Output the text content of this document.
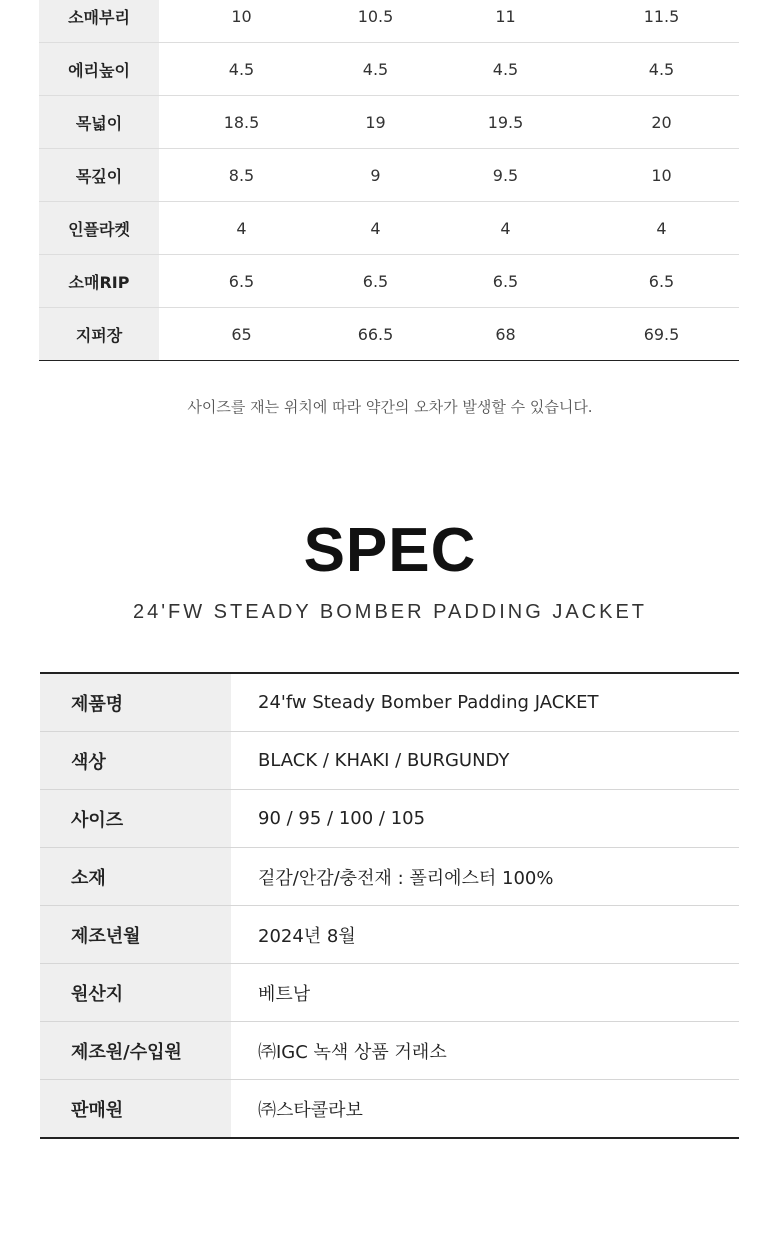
소매부리	10	10.5	11	11.5
에리높이	4.5	4.5	4.5	4.5
목넓이	18.5	19	19.5	20
목깊이	8.5	9	9.5	10
인플라켓	4	4	4	4
소매RIP	6.5	6.5	6.5	6.5
지퍼장	65	66.5	68	69.5
사이즈를 재는 위치에 따라 약간의 오차가 발생할 수 있습니다.
SPEC
24'FW STEADY BOMBER PADDING JACKET
제품명	24'fw Steady Bomber Padding JACKET
색상	BLACK / KHAKI / BURGUNDY
사이즈	90 / 95 / 100 / 105
소재	겉감/안감/충전재 : 폴리에스터 100%
제조년월	2024년 8월
원산지	베트남
제조원/수입원	㈜IGC 녹색 상품 거래소
판매원	㈜스타콜라보
